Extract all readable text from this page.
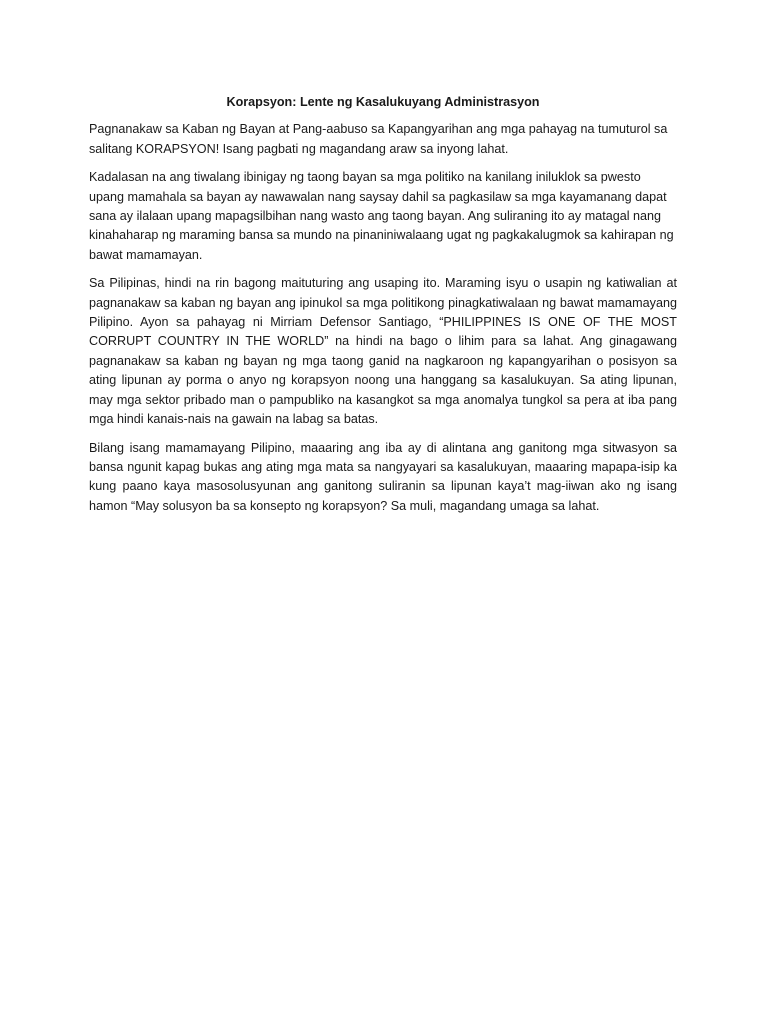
Korapsyon: Lente ng Kasalukuyang Administrasyon

Pagnanakaw sa Kaban ng Bayan at Pang-aabuso sa Kapangyarihan ang mga pahayag na tumuturol sa salitang KORAPSYON! Isang pagbati ng magandang araw sa inyong lahat.

Kadalasan na ang tiwalang ibinigay ng taong bayan sa mga politiko na kanilang iniluklok sa pwesto upang mamahala sa bayan ay nawawalan nang saysay dahil sa pagkasilaw sa mga kayamanang dapat sana ay ilalaan upang mapagsilbihan nang wasto ang taong bayan. Ang suliraning ito ay matagal nang kinahaharap ng maraming bansa sa mundo na pinaniniwalaang ugat ng pagkakalugmok sa kahirapan ng bawat mamamayan.

Sa Pilipinas, hindi na rin bagong maituturing ang usaping ito. Maraming isyu o usapin ng katiwalian at pagnanakaw sa kaban ng bayan ang ipinukol sa mga politikong pinagkatiwalaan ng bawat mamamayang Pilipino. Ayon sa pahayag ni Mirriam Defensor Santiago, “PHILIPPINES IS ONE OF THE MOST CORRUPT COUNTRY IN THE WORLD” na hindi na bago o lihim para sa lahat. Ang ginagawang pagnanakaw sa kaban ng bayan ng mga taong ganid na nagkaroon ng kapangyarihan o posisyon sa ating lipunan ay porma o anyo ng korapsyon noong una hanggang sa kasalukuyan. Sa ating lipunan, may mga sektor pribado man o pampubliko na kasangkot sa mga anomalya tungkol sa pera at iba pang mga hindi kanais-nais na gawain na labag sa batas.

Bilang isang mamamayang Pilipino, maaaring ang iba ay di alintana ang ganitong mga sitwasyon sa bansa ngunit kapag bukas ang ating mga mata sa nangyayari sa kasalukuyan, maaaring mapapa-isip ka kung paano kaya masosolusyunan ang ganitong suliranin sa lipunan kaya’t mag-iiwan ako ng isang hamon “May solusyon ba sa konsepto ng korapsyon? Sa muli, magandang umaga sa lahat.
